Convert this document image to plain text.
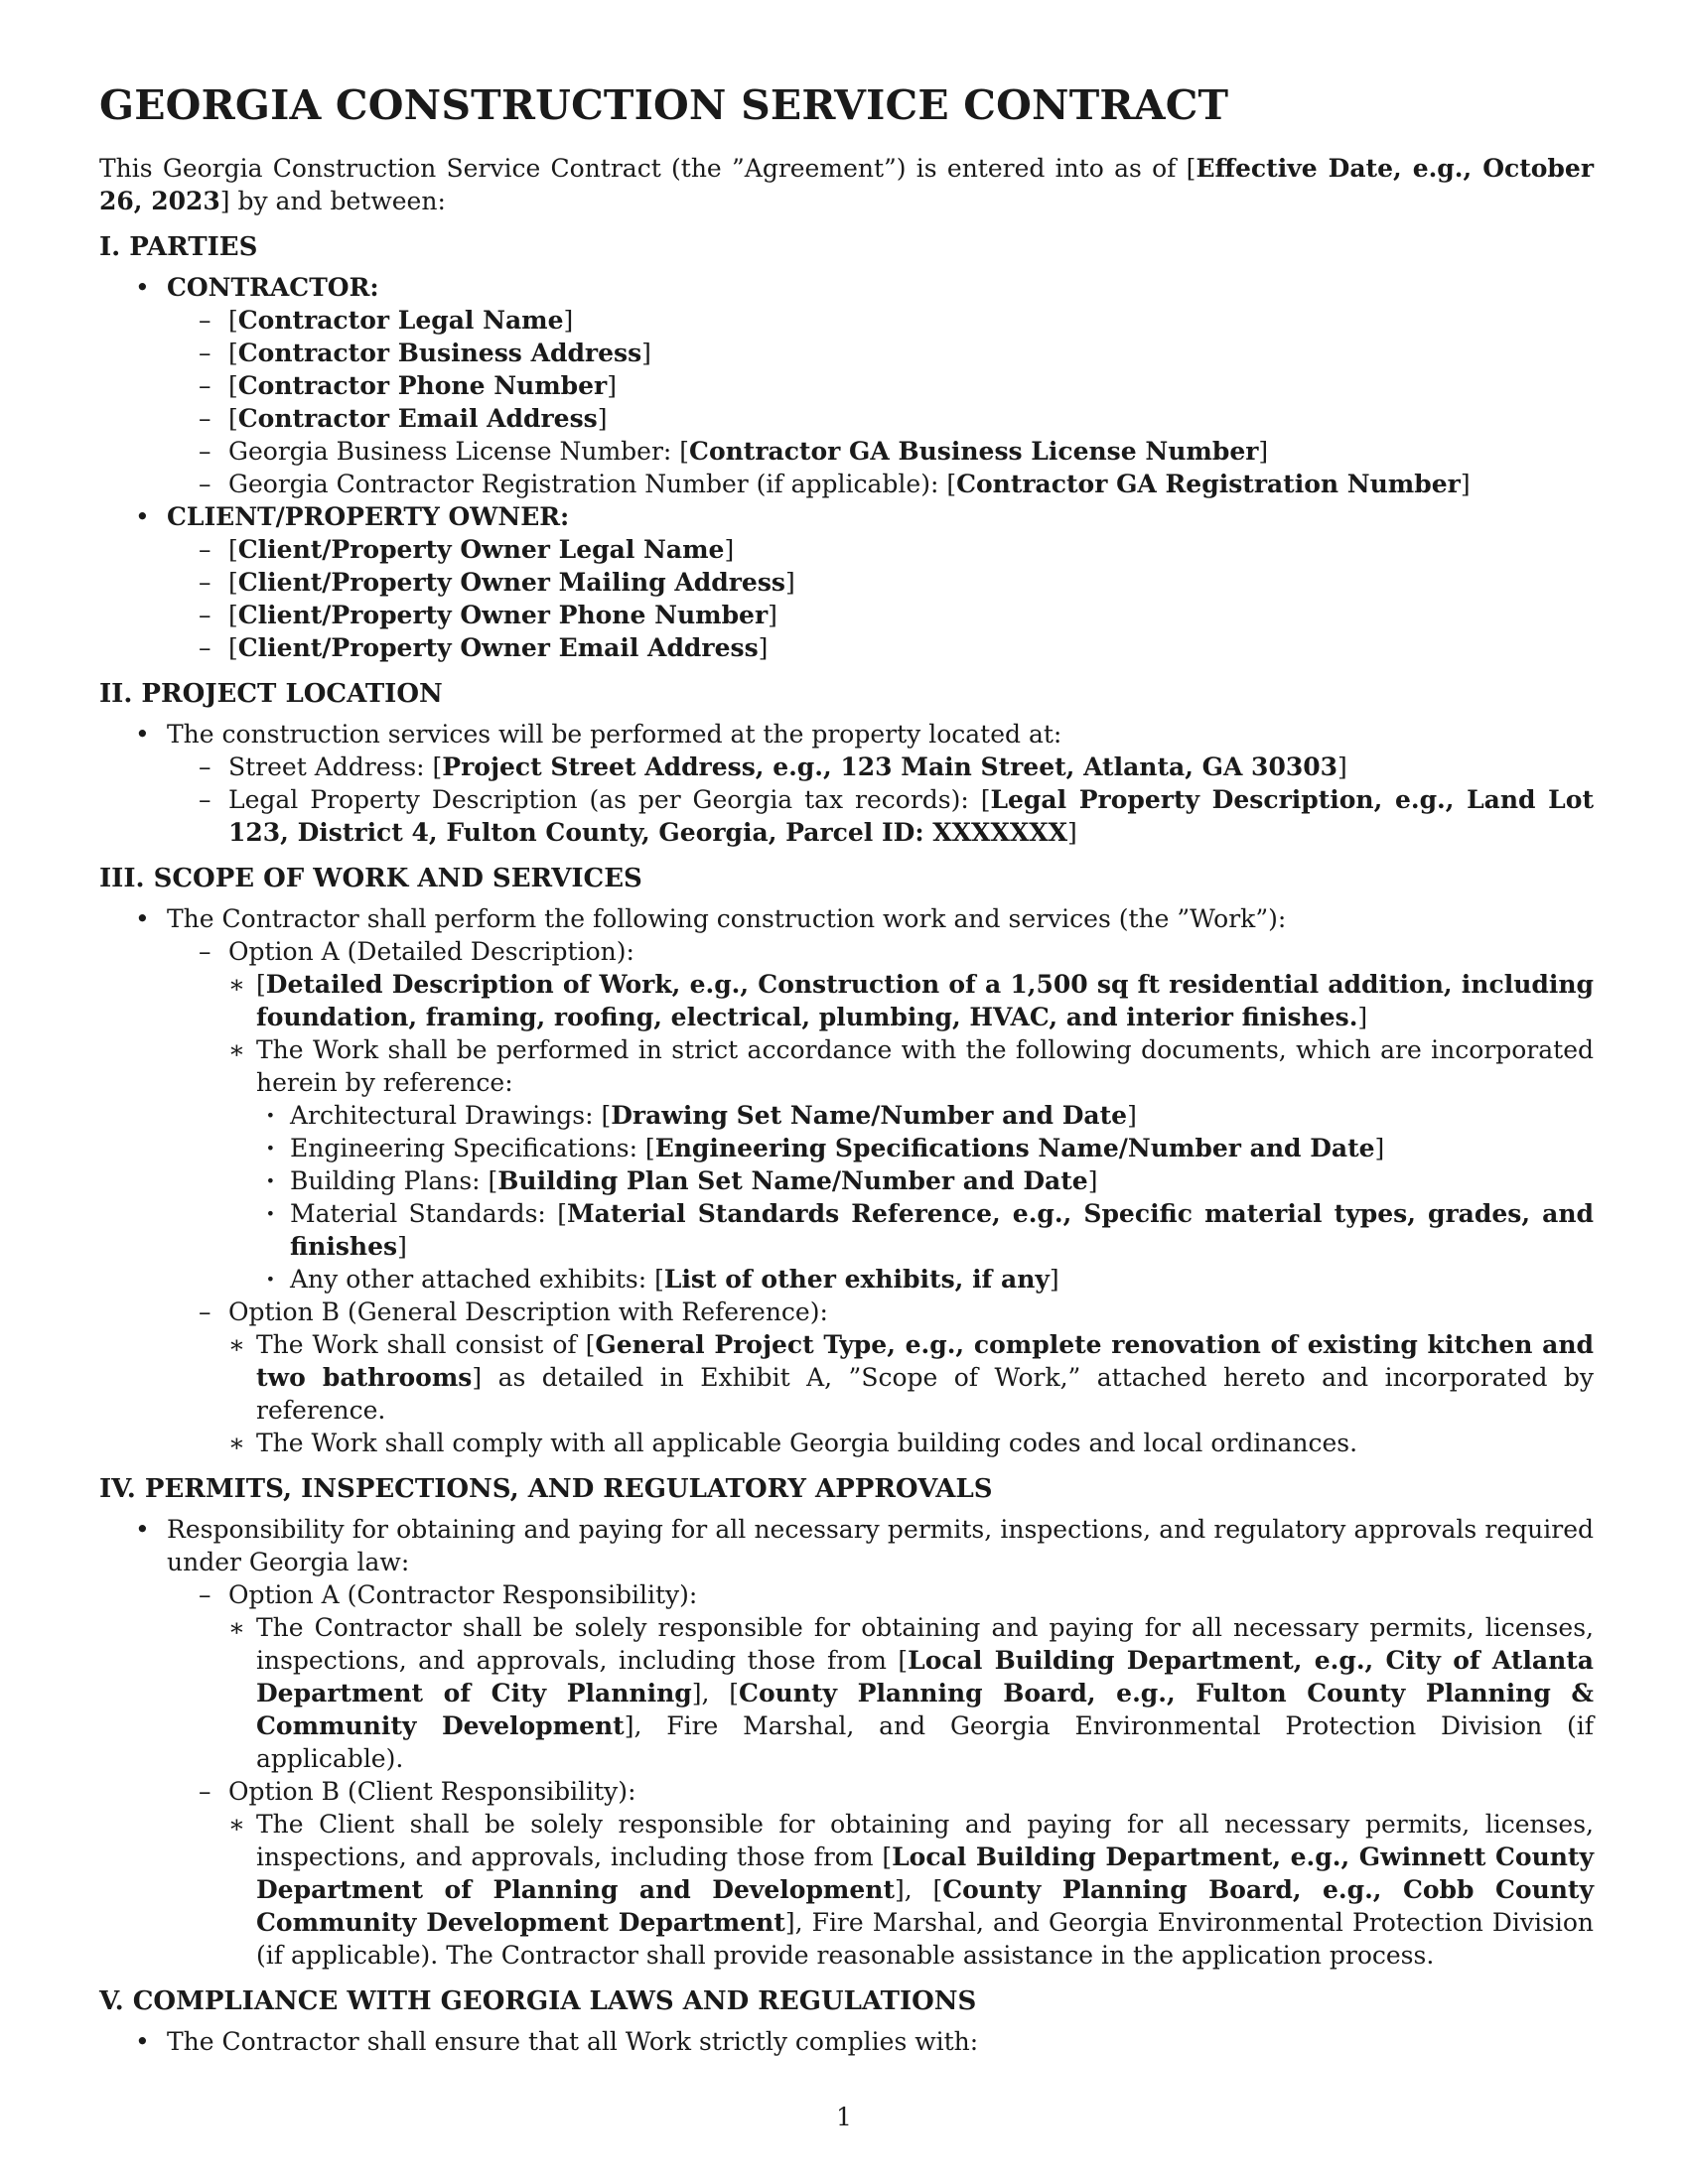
GEORGIA CONSTRUCTION SERVICE CONTRACT

This Georgia Construction Service Contract (the ”Agreement”) is entered into as of [Effective Date, e.g., October 26, 2023] by and between:

I. PARTIES
• CONTRACTOR:
– [Contractor Legal Name]
– [Contractor Business Address]
– [Contractor Phone Number]
– [Contractor Email Address]
– Georgia Business License Number: [Contractor GA Business License Number]
– Georgia Contractor Registration Number (if applicable): [Contractor GA Registration Number]
• CLIENT/PROPERTY OWNER:
– [Client/Property Owner Legal Name]
– [Client/Property Owner Mailing Address]
– [Client/Property Owner Phone Number]
– [Client/Property Owner Email Address]
II. PROJECT LOCATION
• The construction services will be performed at the property located at:
– Street Address: [Project Street Address, e.g., 123 Main Street, Atlanta, GA 30303]
– Legal Property Description (as per Georgia tax records): [Legal Property Description, e.g., Land Lot 123, District 4, Fulton County, Georgia, Parcel ID: XXXXXXX]
III. SCOPE OF WORK AND SERVICES
• The Contractor shall perform the following construction work and services (the ”Work”):
– Option A (Detailed Description):
∗ [Detailed Description of Work, e.g., Construction of a 1,500 sq ft residential addition, including foundation, framing, roofing, electrical, plumbing, HVAC, and interior finishes.]
∗ The Work shall be performed in strict accordance with the following documents, which are incorporated herein by reference:
· Architectural Drawings: [Drawing Set Name/Number and Date]
· Engineering Specifications: [Engineering Specifications Name/Number and Date]
· Building Plans: [Building Plan Set Name/Number and Date]
· Material Standards: [Material Standards Reference, e.g., Specific material types, grades, and finishes]
· Any other attached exhibits: [List of other exhibits, if any]
– Option B (General Description with Reference):
∗ The Work shall consist of [General Project Type, e.g., complete renovation of existing kitchen and two bathrooms] as detailed in Exhibit A, ”Scope of Work,” attached hereto and incorporated by reference.
∗ The Work shall comply with all applicable Georgia building codes and local ordinances.
IV. PERMITS, INSPECTIONS, AND REGULATORY APPROVALS
• Responsibility for obtaining and paying for all necessary permits, inspections, and regulatory approvals required under Georgia law:
– Option A (Contractor Responsibility):
∗ The Contractor shall be solely responsible for obtaining and paying for all necessary permits, licenses, inspections, and approvals, including those from [Local Building Department, e.g., City of Atlanta Department of City Planning], [County Planning Board, e.g., Fulton County Planning & Community Development], Fire Marshal, and Georgia Environmental Protection Division (if applicable).
– Option B (Client Responsibility):
∗ The Client shall be solely responsible for obtaining and paying for all necessary permits, licenses, inspections, and approvals, including those from [Local Building Department, e.g., Gwinnett County Department of Planning and Development], [County Planning Board, e.g., Cobb County Community Development Department], Fire Marshal, and Georgia Environmental Protection Division (if applicable). The Contractor shall provide reasonable assistance in the application process.
V. COMPLIANCE WITH GEORGIA LAWS AND REGULATIONS
• The Contractor shall ensure that all Work strictly complies with:
1
